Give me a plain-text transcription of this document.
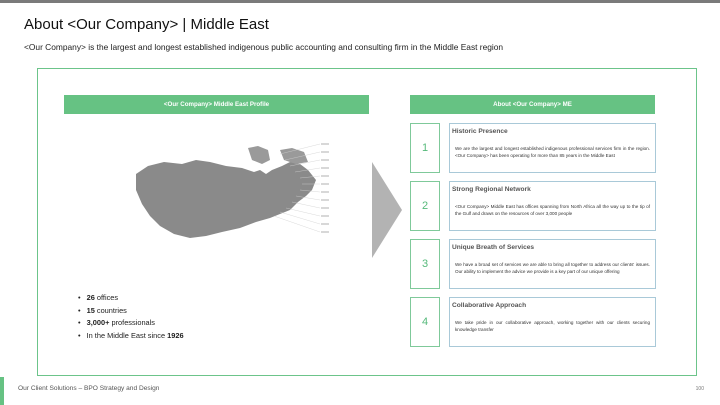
About <Our Company> | Middle East
<Our Company> is the largest and longest established indigenous public accounting and consulting firm in the Middle East region
<Our Company> Middle East Profile
• 26 offices
• 15 countries
• 3,000+ professionals
• In the Middle East since 1926
About <Our Company> ME
1
Historic Presence
We are the largest and longest established indigenous professional services firm in the region. <Our Company> has been operating for more than 85 years in the Middle East
2
Strong Regional Network
<Our Company> Middle East has offices spanning from North Africa all the way up to the tip of the Gulf and draws on the resources of over 3,000 people
3
Unique Breath of Services
We have a broad set of services we are able to bring all together to address our clients' issues. Our ability to implement the advice we provide is a key part of our unique offering
4
Collaborative Approach
We take pride in our collaborative approach, working together with our clients securing knowledge transfer
Our Client Solutions – BPO Strategy and Design	100
